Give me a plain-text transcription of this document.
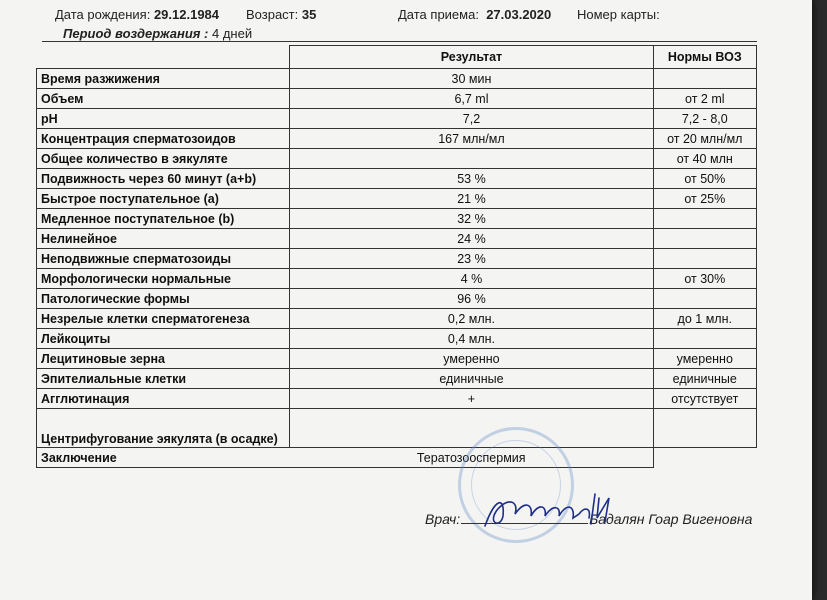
Дата рождения: 29.12.1984 Возраст: 35	Дата приема: 27.03.2020 Номер карты:
Период воздержания : 4 дней
	Результат	Нормы ВОЗ
Время разжижения	30 мин	
Объем	6,7 ml	от 2 ml
pH	7,2	7,2 - 8,0
Концентрация сперматозоидов	167 млн/мл	от 20 млн/мл
Общее количество в эякуляте		от 40 млн
Подвижность через 60 минут (a+b)	53 %	от 50%
Быстрое поступательное (a)	21 %	от 25%
Медленное поступательное (b)	32 %	
Нелинейное	24 %	
Неподвижные сперматозоиды	23 %	
Морфологически нормальные	4 %	от 30%
Патологические формы	96 %	
Незрелые клетки сперматогенеза	0,2 млн.	до 1 млн.
Лейкоциты	0,4 млн.	
Лецитиновые зерна	умеренно	умеренно
Эпителиальные клетки	единичные	единичные
Агглютинация	+	отсутствует
Центрифугование эякулята (в осадке)		
Заключение	Тератозооспермия	
Врач:	Бадалян Гоар Вигеновна
